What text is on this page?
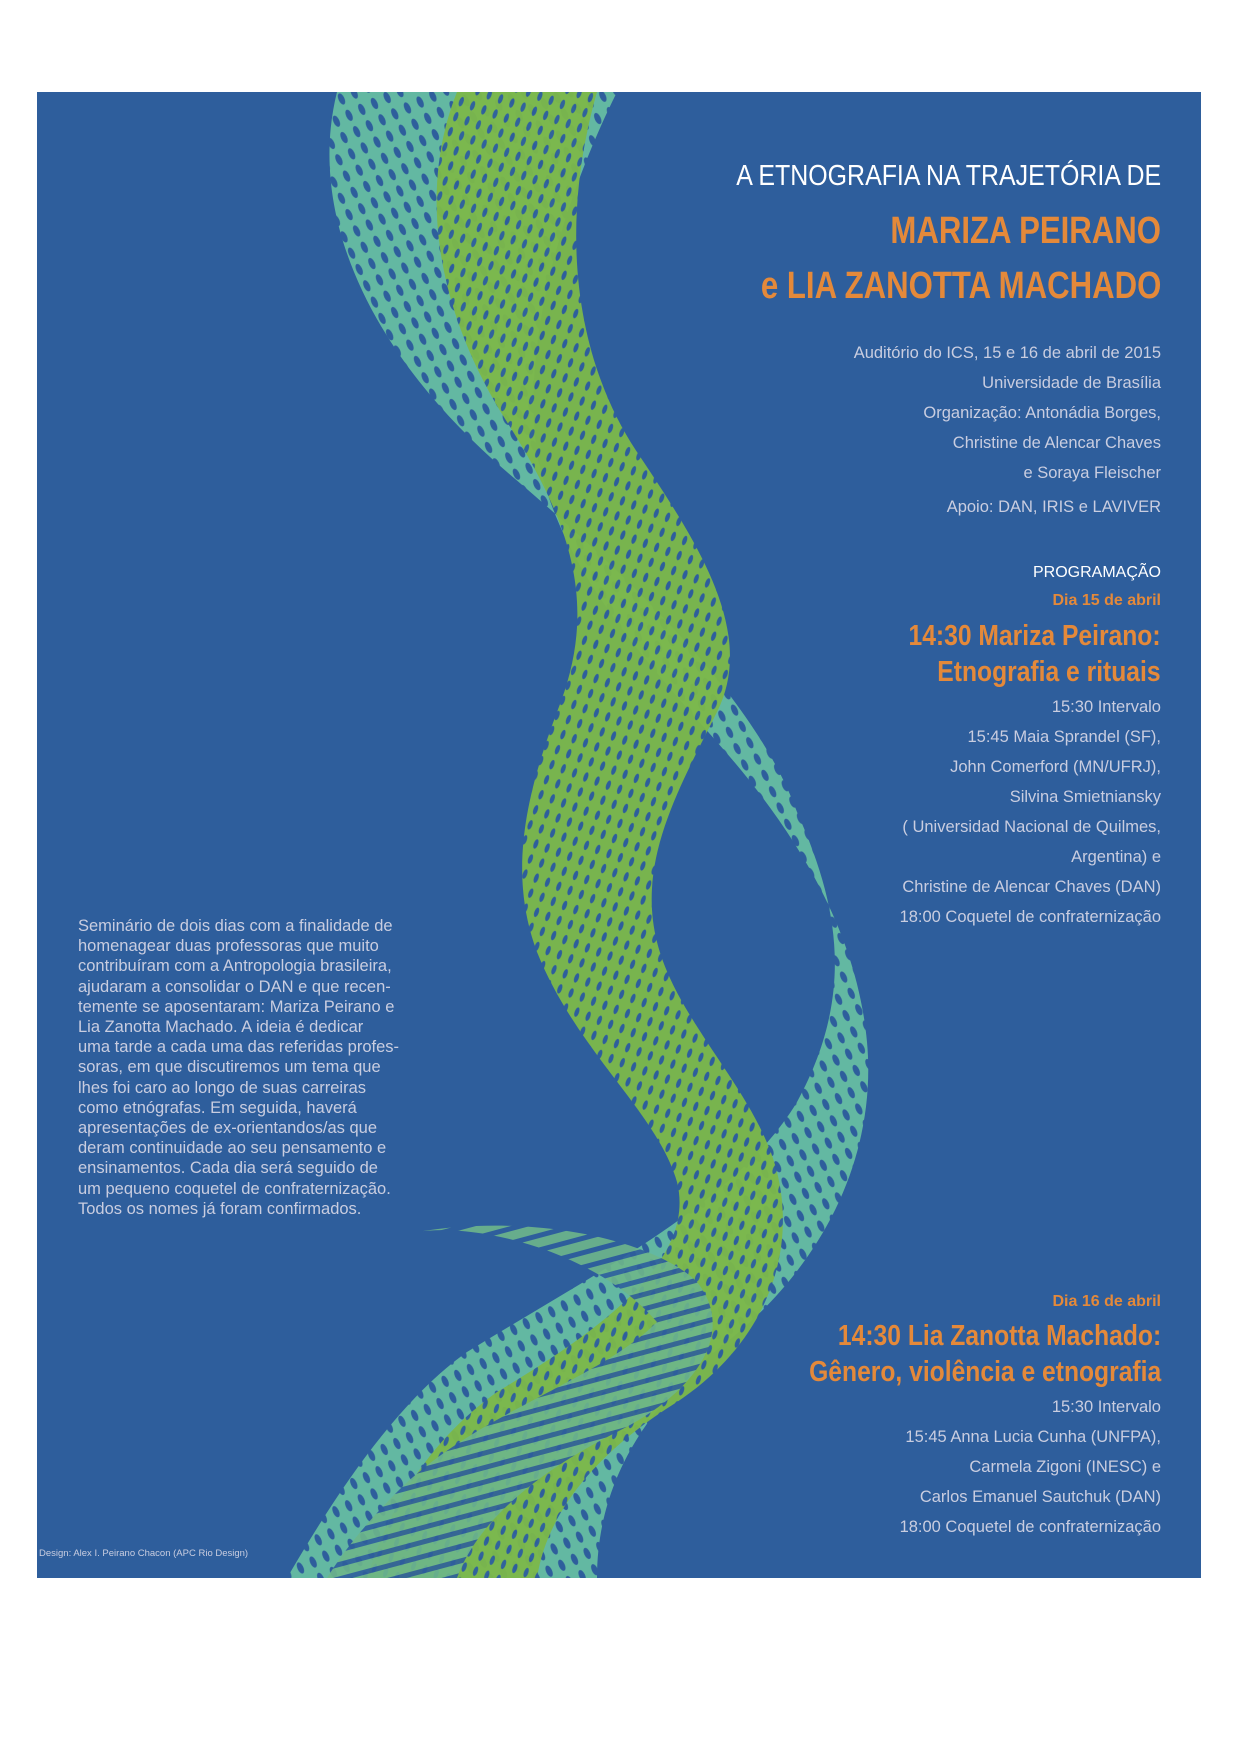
A ETNOGRAFIA NA TRAJETÓRIA DE

MARIZA PEIRANO

e LIA ZANOTTA MACHADO

Auditório do ICS, 15 e 16 de abril de 2015
Universidade de Brasília
Organização: Antonádia Borges,
Christine de Alencar Chaves
e Soraya Fleischer
Apoio: DAN, IRIS e LAVIVER

PROGRAMAÇÃO

Dia 15 de abril

14:30 Mariza Peirano:
Etnografia e rituais
15:30 Intervalo
15:45 Maia Sprandel (SF),
John Comerford (MN/UFRJ),
Silvina Smietniansky
( Universidad Nacional de Quilmes,
Argentina) e
Christine de Alencar Chaves (DAN)
18:00 Coquetel de confraternização

Dia 16 de abril

14:30 Lia Zanotta Machado:
Gênero, violência e etnografia
15:30 Intervalo
15:45 Anna Lucia Cunha (UNFPA),
Carmela Zigoni (INESC) e
Carlos Emanuel Sautchuk (DAN)
18:00 Coquetel de confraternização
Seminário de dois dias com a finalidade de
homenagear duas professoras que muito
contribuíram com a Antropologia brasileira,
ajudaram a consolidar o DAN e que recen-
temente se aposentaram: Mariza Peirano e
Lia Zanotta Machado. A ideia é dedicar
uma tarde a cada uma das referidas profes-
soras, em que discutiremos um tema que
lhes foi caro ao longo de suas carreiras
como etnógrafas. Em seguida, haverá
apresentações de ex-orientandos/as que
deram continuidade ao seu pensamento e
ensinamentos. Cada dia será seguido de
um pequeno coquetel de confraternização.
Todos os nomes já foram confirmados.

Design: Alex I. Peirano Chacon (APC Rio Design)
